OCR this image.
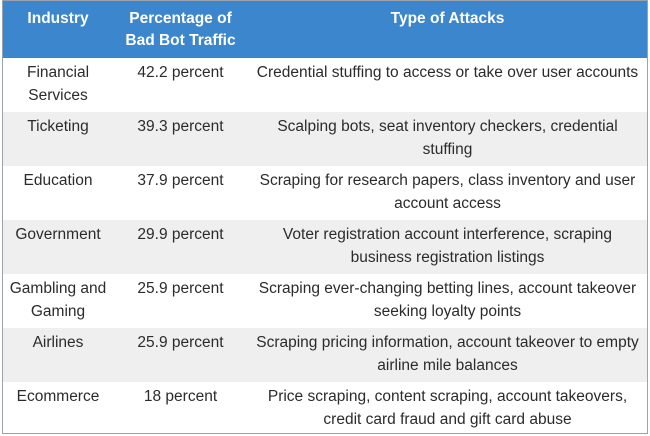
Industry	Percentage of Bad Bot Traffic	Type of Attacks

Financial Services	42.2 percent	Credential stuffing to access or take over user accounts
Ticketing	39.3 percent	Scalping bots, seat inventory checkers, credential stuffing
Education	37.9 percent	Scraping for research papers, class inventory and user account access
Government	29.9 percent	Voter registration account interference, scraping business registration listings
Gambling and Gaming	25.9 percent	Scraping ever-changing betting lines, account takeover seeking loyalty points
Airlines	25.9 percent	Scraping pricing information, account takeover to empty airline mile balances
Ecommerce	18 percent	Price scraping, content scraping, account takeovers, credit card fraud and gift card abuse
